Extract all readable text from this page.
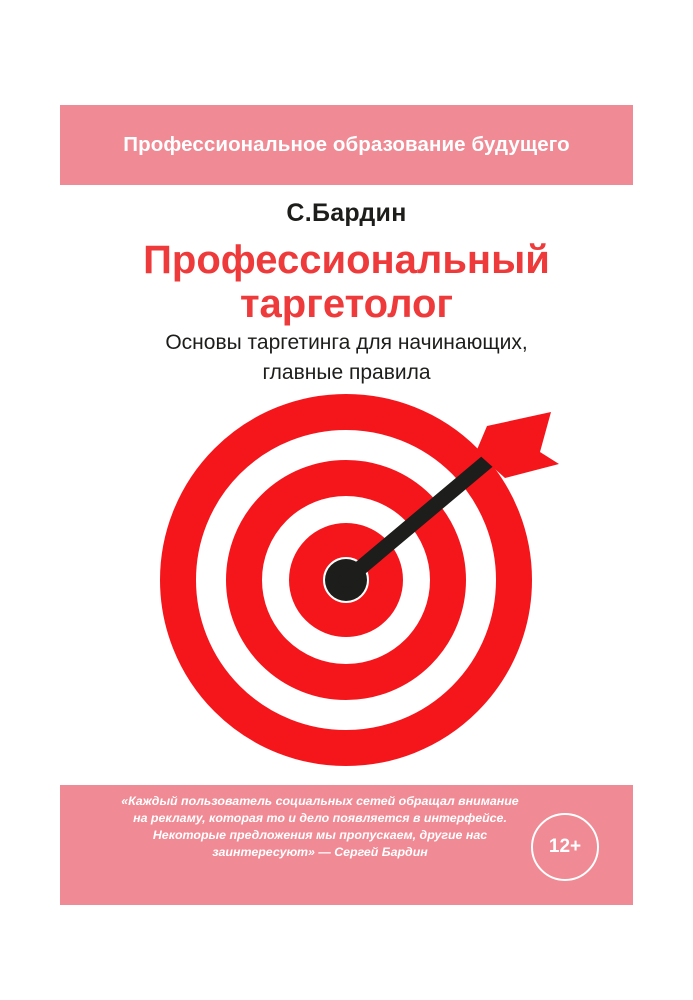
Профессиональное образование будущего
С.Бардин
Профессиональный
таргетолог
Основы таргетинга для начинающих,
главные правила
«Каждый пользователь социальных сетей обращал внимание на рекламу, которая то и дело появляется в интерфейсе. Некоторые предложения мы пропускаем, другие нас заинтересуют» — Сергей Бардин	12+
